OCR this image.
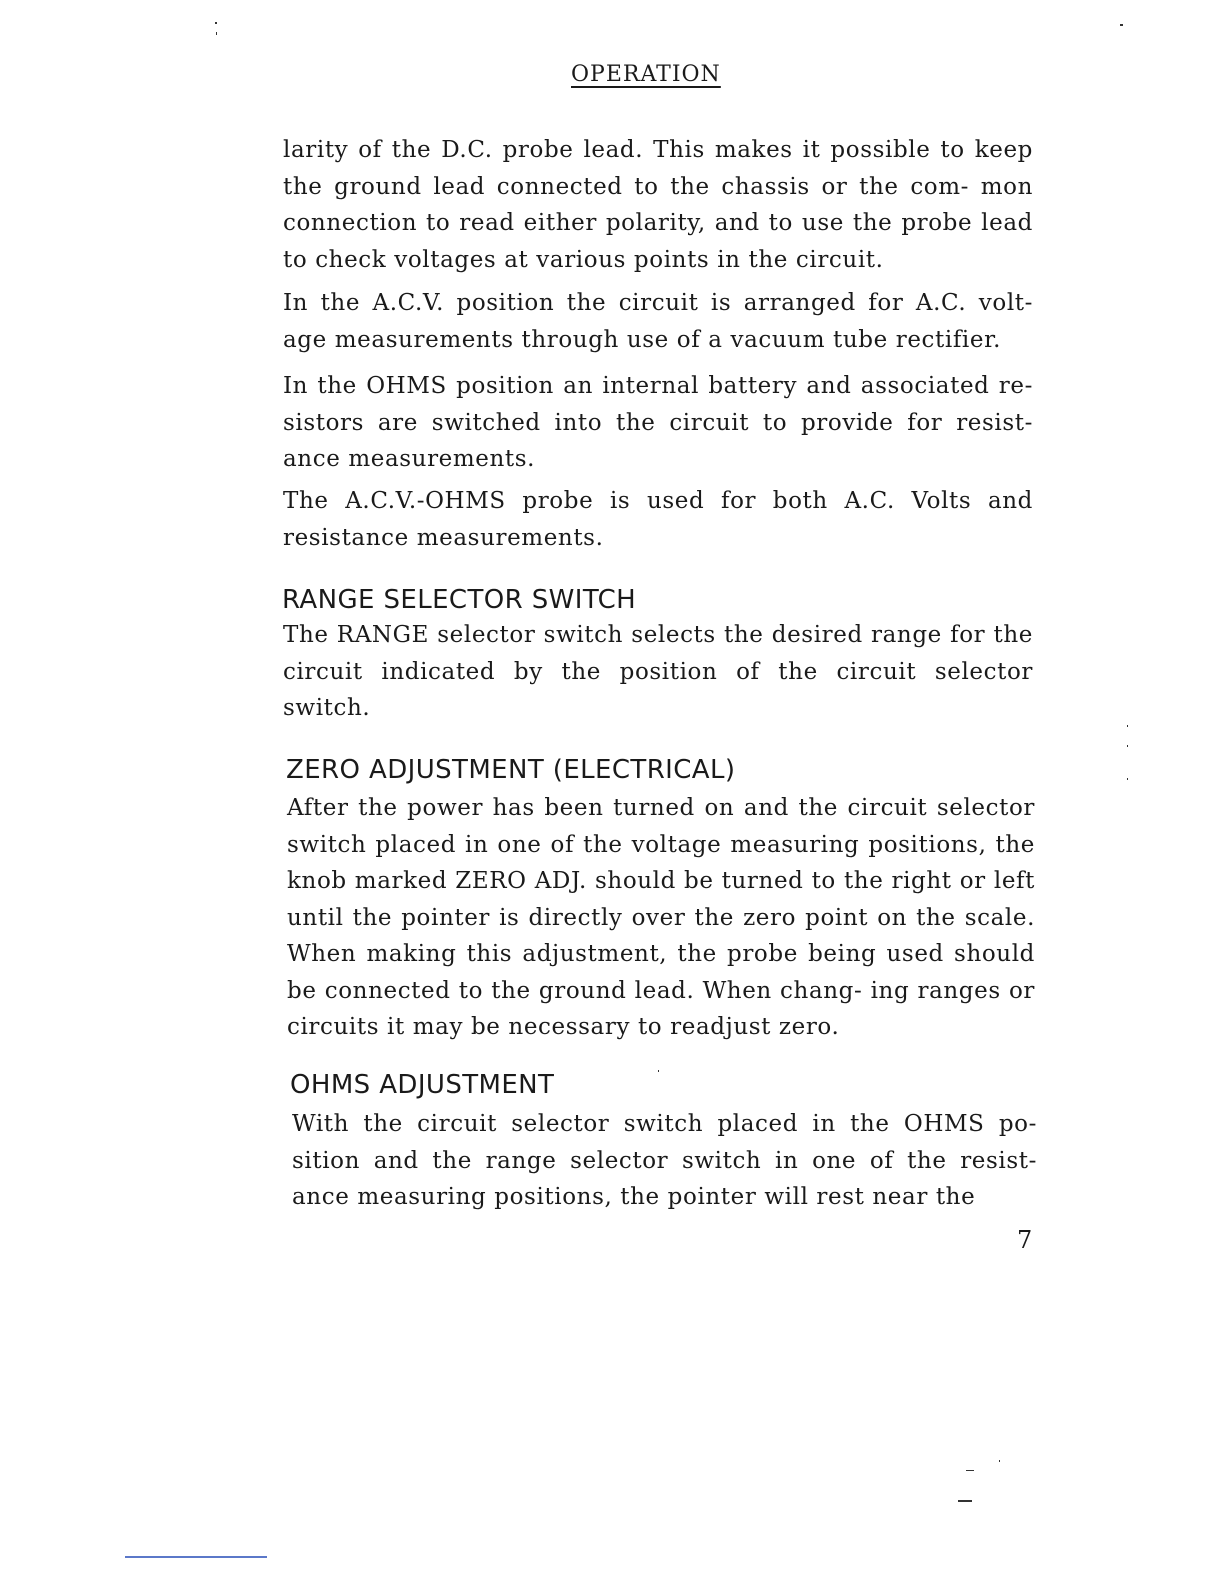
OPERATION

larity of the D.C. probe lead. This makes it possible to keep the ground lead connected to the chassis or the com- mon connection to read either polarity, and to use the probe lead to check voltages at various points in the circuit.

In the A.C.V. position the circuit is arranged for A.C. volt- age measurements through use of a vacuum tube rectifier.

In the OHMS position an internal battery and associated re- sistors are switched into the circuit to provide for resist- ance measurements.

The A.C.V.-OHMS probe is used for both A.C. Volts and resistance measurements.

RANGE SELECTOR SWITCH

The RANGE selector switch selects the desired range for the circuit indicated by the position of the circuit selector switch.

ZERO ADJUSTMENT (ELECTRICAL)

After the power has been turned on and the circuit selector switch placed in one of the voltage measuring positions, the knob marked ZERO ADJ. should be turned to the right or left until the pointer is directly over the zero point on the scale. When making this adjustment, the probe being used should be connected to the ground lead. When chang- ing ranges or circuits it may be necessary to readjust zero.

OHMS ADJUSTMENT

With the circuit selector switch placed in the OHMS po- sition and the range selector switch in one of the resist- ance measuring positions, the pointer will rest near the

7
